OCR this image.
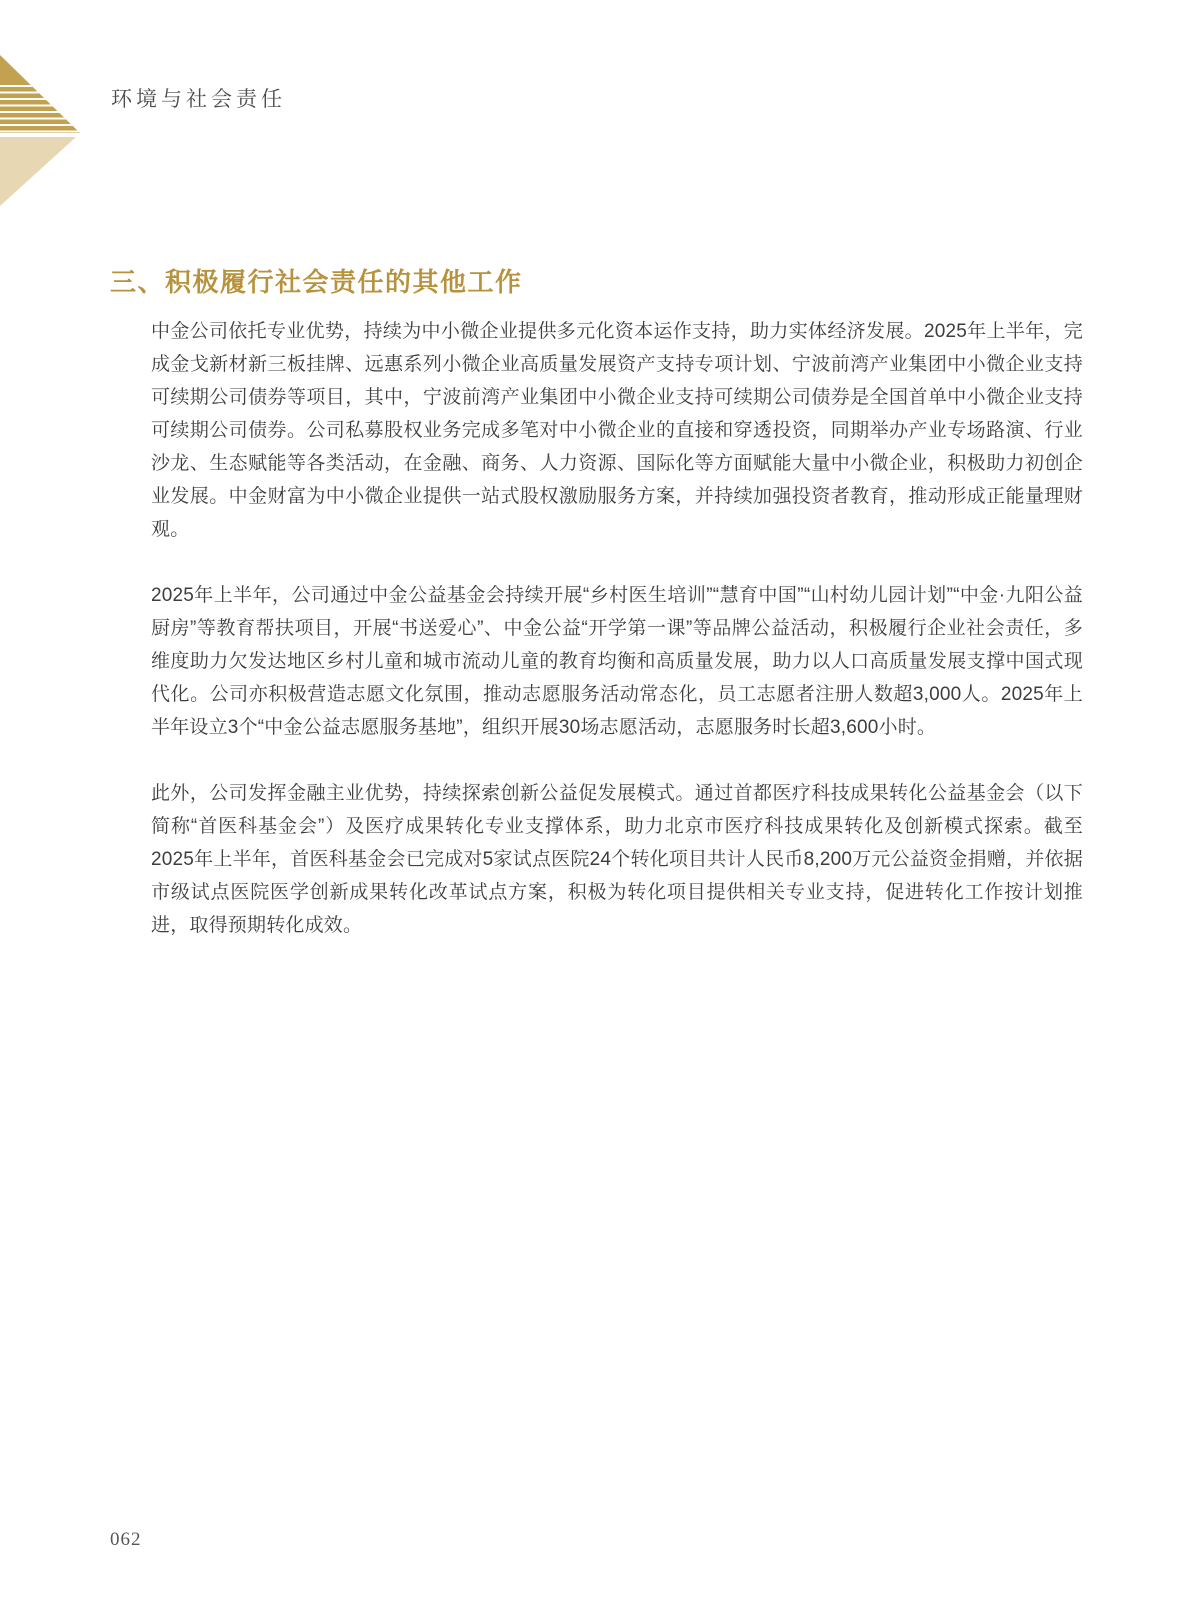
环境与社会责任
三、积极履行社会责任的其他工作

中金公司依托专业优势，持续为中小微企业提供多元化资本运作支持，助力实体经济发展。2025年上半年，完成金戈新材新三板挂牌、远惠系列小微企业高质量发展资产支持专项计划、宁波前湾产业集团中小微企业支持可续期公司债券等项目，其中，宁波前湾产业集团中小微企业支持可续期公司债券是全国首单中小微企业支持可续期公司债券。公司私募股权业务完成多笔对中小微企业的直接和穿透投资，同期举办产业专场路演、行业沙龙、生态赋能等各类活动，在金融、商务、人力资源、国际化等方面赋能大量中小微企业，积极助力初创企业发展。中金财富为中小微企业提供一站式股权激励服务方案，并持续加强投资者教育，推动形成正能量理财观。

2025年上半年，公司通过中金公益基金会持续开展“乡村医生培训”“慧育中国”“山村幼儿园计划”“中金·九阳公益厨房”等教育帮扶项目，开展“书送爱心”、中金公益“开学第一课”等品牌公益活动，积极履行企业社会责任，多维度助力欠发达地区乡村儿童和城市流动儿童的教育均衡和高质量发展，助力以人口高质量发展支撑中国式现代化。公司亦积极营造志愿文化氛围，推动志愿服务活动常态化，员工志愿者注册人数超3,000人。2025年上半年设立3个“中金公益志愿服务基地”，组织开展30场志愿活动，志愿服务时长超3,600小时。

此外，公司发挥金融主业优势，持续探索创新公益促发展模式。通过首都医疗科技成果转化公益基金会（以下简称“首医科基金会”）及医疗成果转化专业支撑体系，助力北京市医疗科技成果转化及创新模式探索。截至2025年上半年，首医科基金会已完成对5家试点医院24个转化项目共计人民币8,200万元公益资金捐赠，并依据市级试点医院医学创新成果转化改革试点方案，积极为转化项目提供相关专业支持，促进转化工作按计划推进，取得预期转化成效。

062
